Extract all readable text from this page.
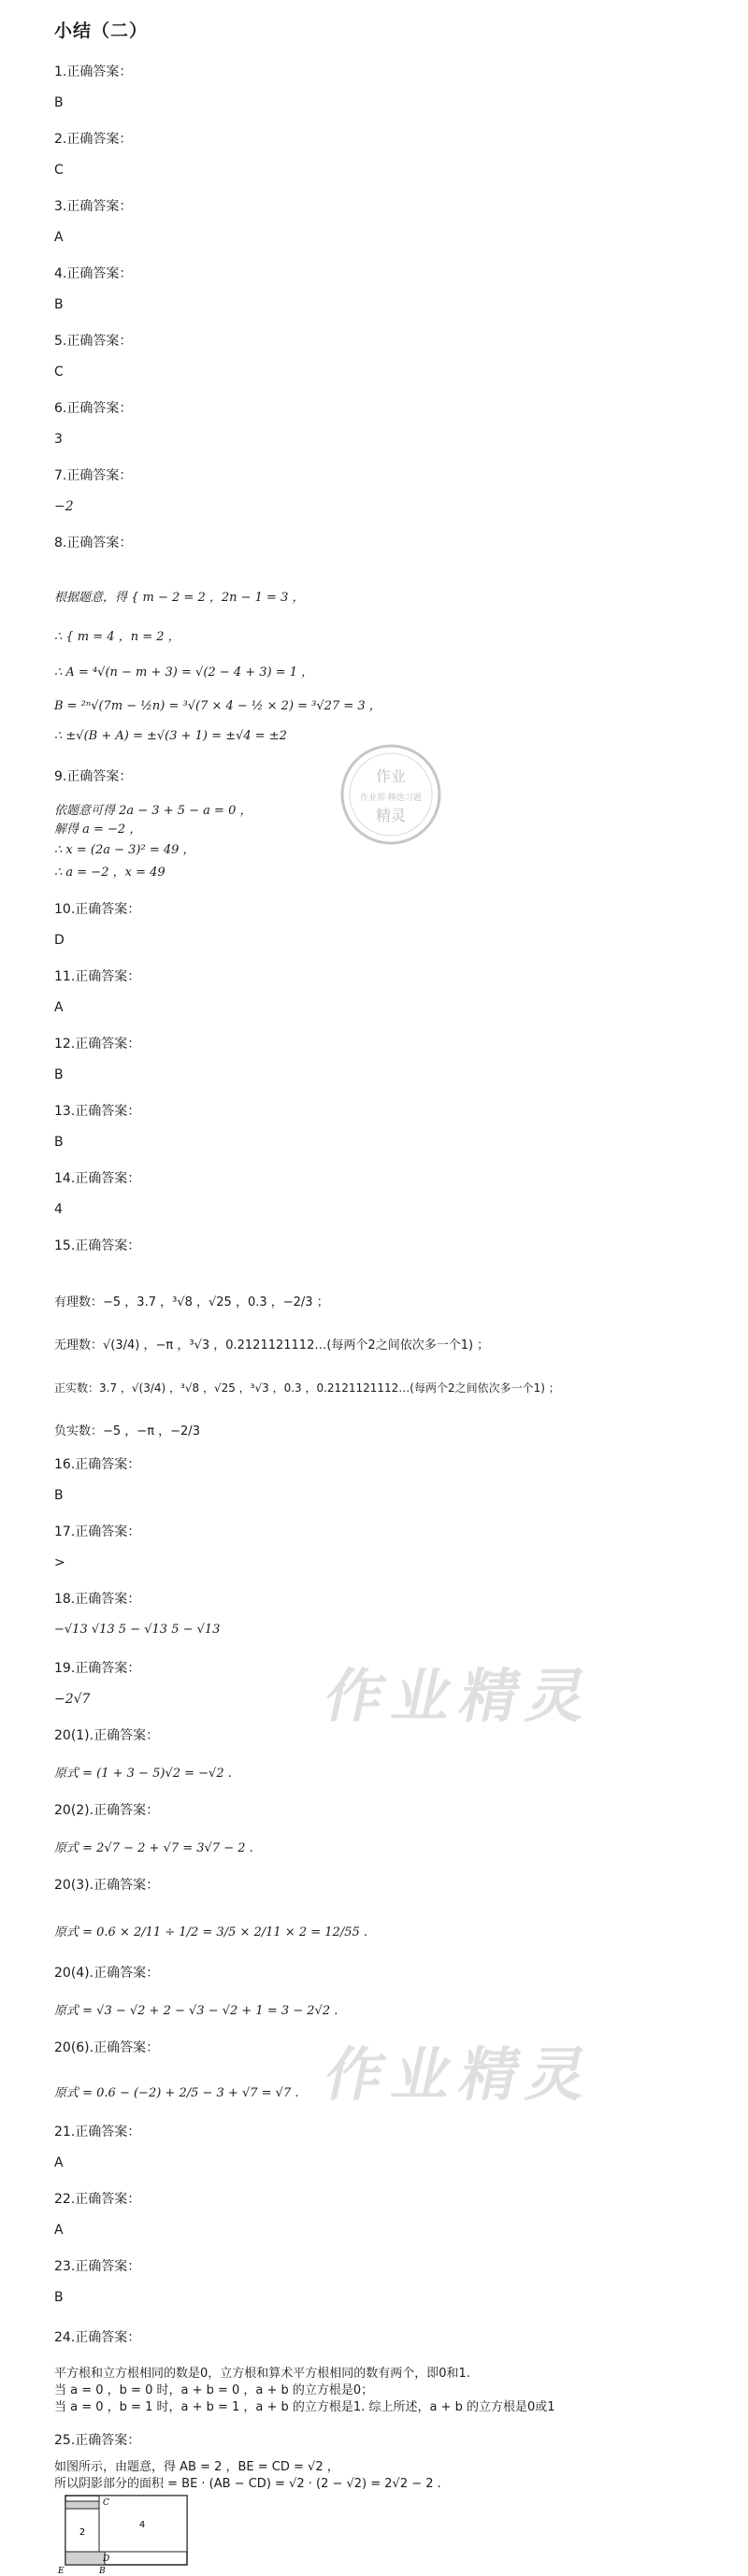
小结（二）
1.正确答案：
B
2.正确答案：
C
3.正确答案：
A
4.正确答案：
B
5.正确答案：
C
6.正确答案：
3
7.正确答案：
−2
8.正确答案：
根据题意，得 { m − 2 = 2 ，2n − 1 = 3 ，
∴ { m = 4 ，n = 2 ，
∴ A = ⁴√(n − m + 3) = √(2 − 4 + 3) = 1 ，
B = ²ⁿ√(7m − ½n) = ³√(7 × 4 − ½ × 2) = ³√27 = 3 ，
∴ ±√(B + A) = ±√(3 + 1) = ±√4 = ±2
作业
作业帮·精选习题
精灵
9.正确答案：
依题意可得 2a − 3 + 5 − a = 0 ，
解得 a = −2 ，
∴ x = (2a − 3)² = 49 ，
∴ a = −2 ，x = 49
10.正确答案：
D
11.正确答案：
A
12.正确答案：
B
13.正确答案：
B
14.正确答案：
4
15.正确答案：
有理数：−5 ，3.7 ，³√8 ，√25 ，0.3 ，−2/3 ；
无理数：√(3/4) ，−π ，³√3 ，0.2121121112…(每两个2之间依次多一个1) ；
正实数：3.7 ，√(3/4) ，³√8 ，√25 ，³√3 ，0.3 ，0.2121121112…(每两个2之间依次多一个1) ；
负实数：−5 ，−π ，−2/3
16.正确答案：
B
17.正确答案：
>
18.正确答案：
−√13 √13 5 − √13 5 − √13
19.正确答案：
−2√7	作业精灵
20(1).正确答案：
原式 = (1 + 3 − 5)√2 = −√2 .
20(2).正确答案：
原式 = 2√7 − 2 + √7 = 3√7 − 2 .
20(3).正确答案：
原式 = 0.6 × 2/11 ÷ 1/2 = 3/5 × 2/11 × 2 = 12/55 .
20(4).正确答案：
原式 = √3 − √2 + 2 − √3 − √2 + 1 = 3 − 2√2 .
20(6).正确答案：
原式 = 0.6 − (−2) + 2/5 − 3 + √7 = √7 . 作业精灵
21.正确答案：
A
22.正确答案：
A
23.正确答案：
B
24.正确答案：
平方根和立方根相同的数是0，立方根和算术平方根相同的数有两个，即0和1.
当 a = 0 ，b = 0 时，a + b = 0 ，a + b 的立方根是0；
当 a = 0 ，b = 1 时，a + b = 1 ，a + b 的立方根是1. 综上所述，a + b 的立方根是0或1
25.正确答案：
如图所示，由题意，得 AB = 2 ，BE = CD = √2 ，
所以阴影部分的面积 = BE · (AB − CD) = √2 · (2 − √2) = 2√2 − 2 .
2
4
C
D
E	B
